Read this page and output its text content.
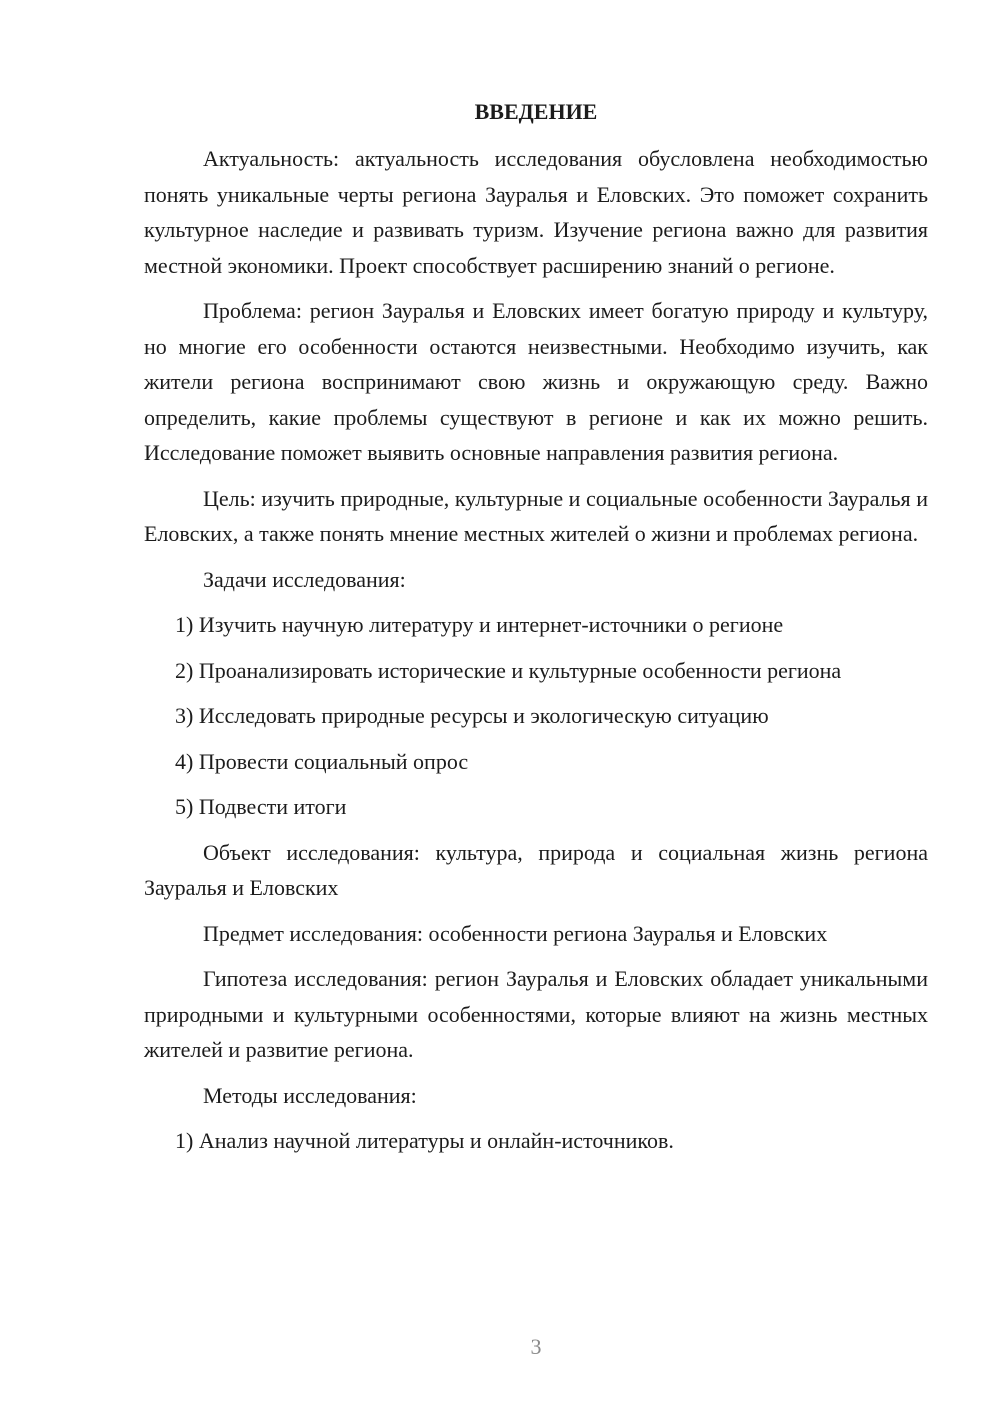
ВВЕДЕНИЕ

Актуальность: актуальность исследования обусловлена необходимостью понять уникальные черты региона Зауралья и Еловских. Это поможет сохранить культурное наследие и развивать туризм. Изучение региона важно для развития местной экономики. Проект способствует расширению знаний о регионе.

Проблема: регион Зауралья и Еловских имеет богатую природу и культуру, но многие его особенности остаются неизвестными. Необходимо изучить, как жители региона воспринимают свою жизнь и окружающую среду. Важно определить, какие проблемы существуют в регионе и как их можно решить. Исследование поможет выявить основные направления развития региона.

Цель: изучить природные, культурные и социальные особенности Зауралья и Еловских, а также понять мнение местных жителей о жизни и проблемах региона.

Задачи исследования:

1) Изучить научную литературу и интернет-источники о регионе

2) Проанализировать исторические и культурные особенности региона

3) Исследовать природные ресурсы и экологическую ситуацию

4) Провести социальный опрос

5) Подвести итоги

Объект исследования: культура, природа и социальная жизнь региона Зауралья и Еловских

Предмет исследования: особенности региона Зауралья и Еловских

Гипотеза исследования: регион Зауралья и Еловских обладает уникальными природными и культурными особенностями, которые влияют на жизнь местных жителей и развитие региона.

Методы исследования:

1) Анализ научной литературы и онлайн-источников.

3
